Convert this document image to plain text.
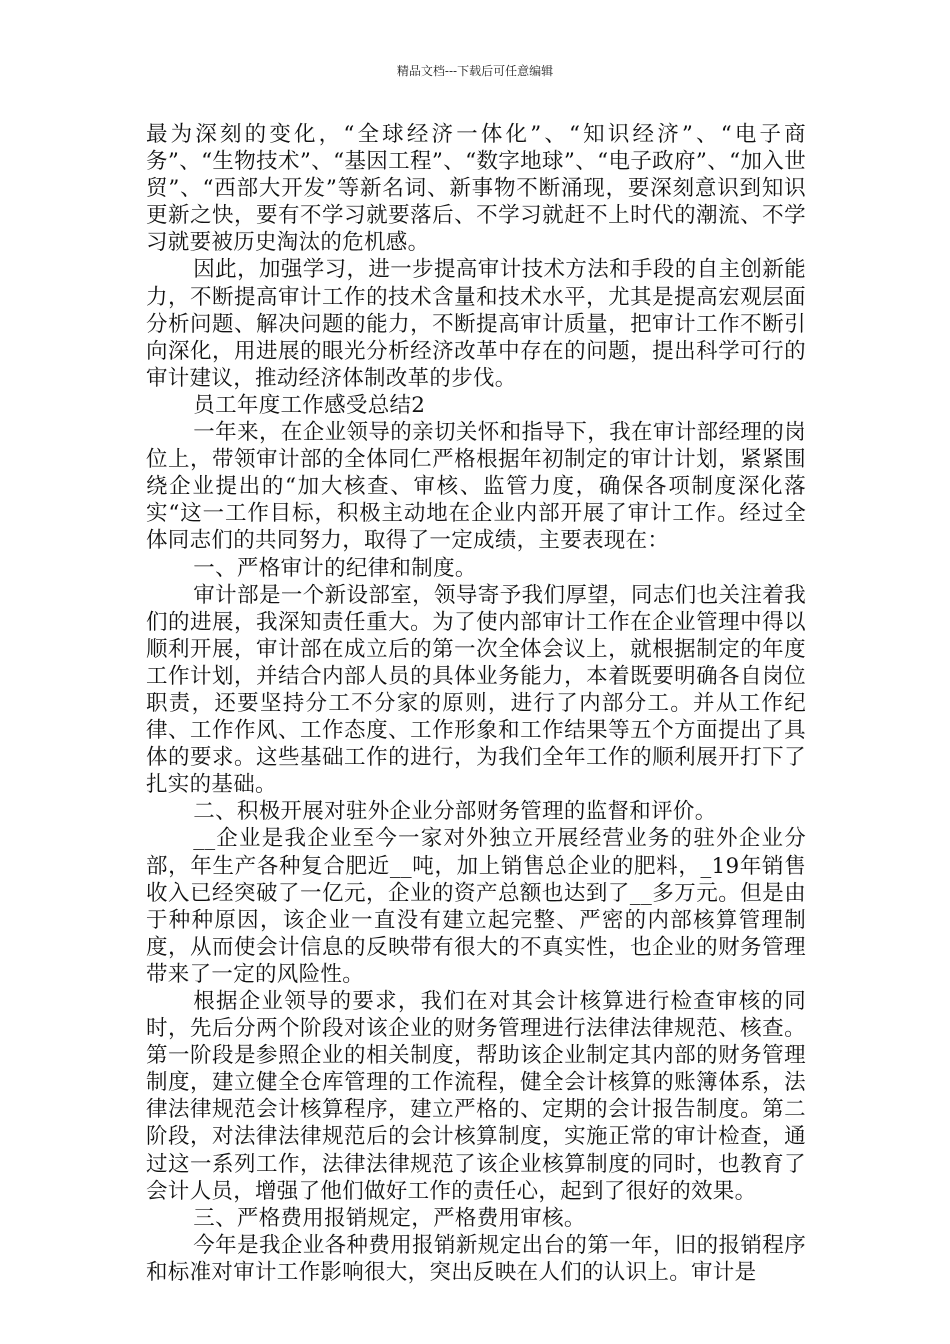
精品文档---下载后可任意编辑

最为深刻的变化，“全球经济一体化”、“知识经济”、“电子商务”、“生物技术”、“基因工程”、“数字地球”、“电子政府”、“加入世贸”、“西部大开发”等新名词、新事物不断涌现，要深刻意识到知识更新之快，要有不学习就要落后、不学习就赶不上时代的潮流、不学习就要被历史淘汰的危机感。

因此，加强学习，进一步提高审计技术方法和手段的自主创新能力，不断提高审计工作的技术含量和技术水平，尤其是提高宏观层面分析问题、解决问题的能力，不断提高审计质量，把审计工作不断引向深化，用进展的眼光分析经济改革中存在的问题，提出科学可行的审计建议，推动经济体制改革的步伐。

员工年度工作感受总结2

一年来，在企业领导的亲切关怀和指导下，我在审计部经理的岗位上，带领审计部的全体同仁严格根据年初制定的审计计划，紧紧围绕企业提出的“加大核查、审核、监管力度，确保各项制度深化落实“这一工作目标，积极主动地在企业内部开展了审计工作。经过全体同志们的共同努力，取得了一定成绩，主要表现在：

一、严格审计的纪律和制度。

审计部是一个新设部室，领导寄予我们厚望，同志们也关注着我们的进展，我深知责任重大。为了使内部审计工作在企业管理中得以顺利开展，审计部在成立后的第一次全体会议上，就根据制定的年度工作计划，并结合内部人员的具体业务能力，本着既要明确各自岗位职责，还要坚持分工不分家的原则，进行了内部分工。并从工作纪律、工作作风、工作态度、工作形象和工作结果等五个方面提出了具体的要求。这些基础工作的进行，为我们全年工作的顺利展开打下了扎实的基础。

二、积极开展对驻外企业分部财务管理的监督和评价。

__企业是我企业至今一家对外独立开展经营业务的驻外企业分部，年生产各种复合肥近__吨，加上销售总企业的肥料，_19年销售收入已经突破了一亿元，企业的资产总额也达到了__多万元。但是由于种种原因，该企业一直没有建立起完整、严密的内部核算管理制度，从而使会计信息的反映带有很大的不真实性，也企业的财务管理带来了一定的风险性。

根据企业领导的要求，我们在对其会计核算进行检查审核的同时，先后分两个阶段对该企业的财务管理进行法律法律规范、核查。第一阶段是参照企业的相关制度，帮助该企业制定其内部的财务管理制度，建立健全仓库管理的工作流程，健全会计核算的账簿体系，法律法律规范会计核算程序，建立严格的、定期的会计报告制度。第二阶段，对法律法律规范后的会计核算制度，实施正常的审计检查，通过这一系列工作，法律法律规范了该企业核算制度的同时，也教育了会计人员，增强了他们做好工作的责任心，起到了很好的效果。

三、严格费用报销规定，严格费用审核。

今年是我企业各种费用报销新规定出台的第一年，旧的报销程序和标准对审计工作影响很大，突出反映在人们的认识上。审计是
